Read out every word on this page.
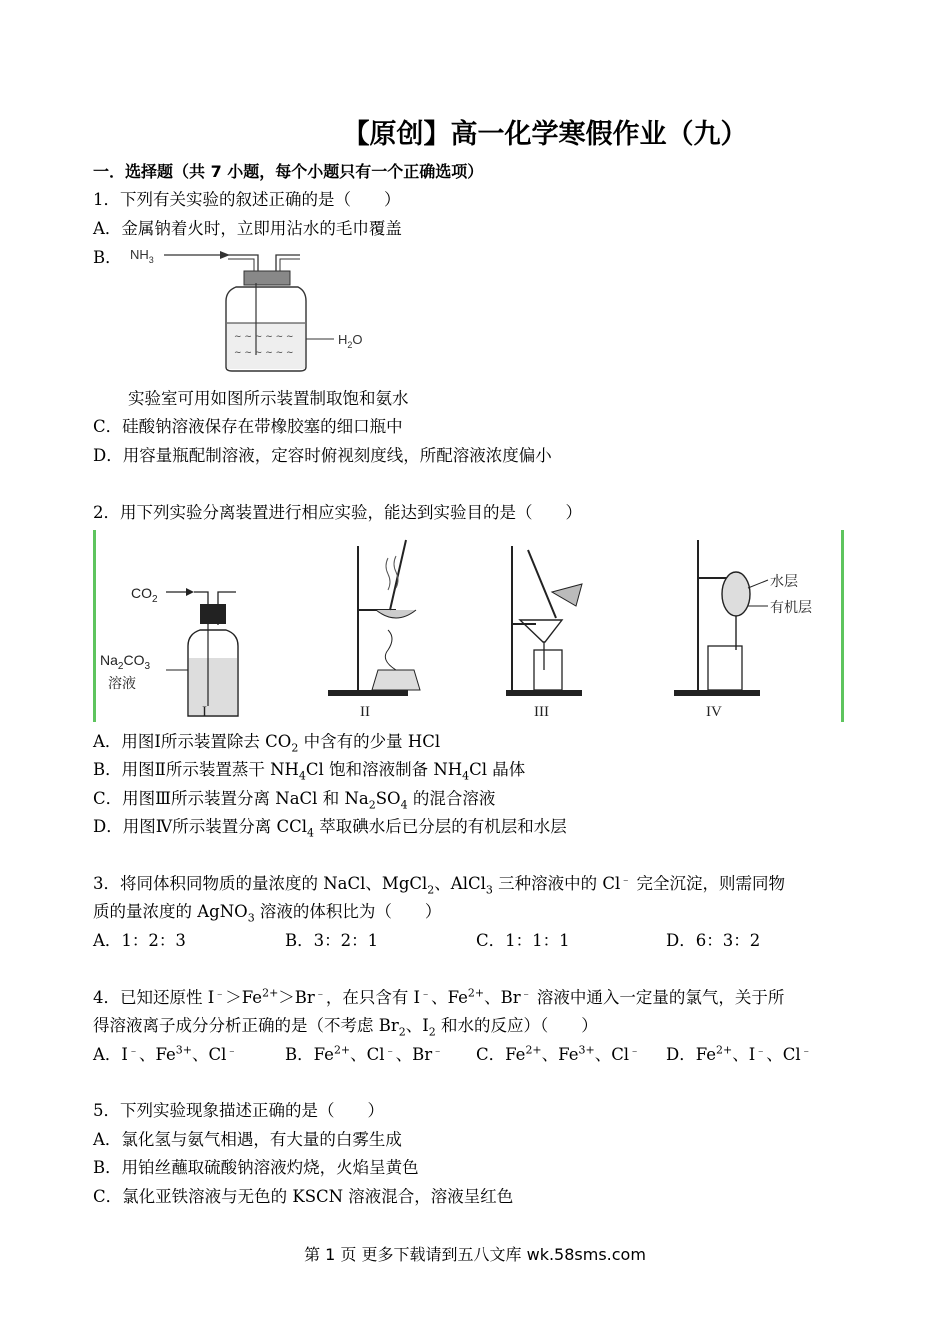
【原创】高一化学寒假作业（九）
一．选择题（共 7 小题，每个小题只有一个正确选项）
1．下列有关实验的叙述正确的是（　　）
A．金属钠着火时，立即用沾水的毛巾覆盖
B． $NH_3$
~ ~ ~ ~ ~ ~
~ ~ ~ ~ ~ ~
$H_2O$
实验室可用如图所示装置制取饱和氨水
C．硅酸钠溶液保存在带橡胶塞的细口瓶中
D．用容量瓶配制溶液，定容时俯视刻度线，所配溶液浓度偏小
2．用下列实验分离装置进行相应实验，能达到实验目的是（　　）
$CO_2$
$Na_2CO_3$
溶液
水层
有机层
I	II	III	IV
A．用图Ⅰ所示装置除去 $CO_2$ 中含有的少量 HCl
B．用图Ⅱ所示装置蒸干 $NH_4Cl$ 饱和溶液制备 $NH_4Cl$ 晶体
C．用图Ⅲ所示装置分离 NaCl 和 $Na_2SO_4$ 的混合溶液
D．用图Ⅳ所示装置分离 CCl$_4$ 萃取碘水后已分层的有机层和水层
3．将同体积同物质的量浓度的 NaCl、MgCl$_2$、AlCl$_3$ 三种溶液中的 Cl﹣ 完全沉淀，则需同物
质的量浓度的 AgNO$_3$ 溶液的体积比为（　　）
A．1：2：3	B．3：2：1	C．1：1：1	D．6：3：2
4．已知还原性 $I^﹣>Fe^{2+}>Br^﹣$，在只含有 I﹣、$Fe^{2+}$、Br﹣ 溶液中通入一定量的氯气，关于所
得溶液离子成分分析正确的是（不考虑 $Br_2$、$I_2$ 和水的反应）（　　）
A．I﹣、$Fe^{3+}$、Cl﹣	B．$Fe^{2+}$、Cl﹣、Br﹣ C．$Fe^{2+}$、$Fe^{3+}$、Cl﹣ D．$Fe^{2+}$、I﹣、Cl﹣
5．下列实验现象描述正确的是（　　）
A．氯化氢与氨气相遇，有大量的白雾生成
B．用铂丝蘸取硫酸钠溶液灼烧，火焰呈黄色
C．氯化亚铁溶液与无色的 KSCN 溶液混合，溶液呈红色
第 1 页 更多下载请到五八文库 wk.58sms.com
